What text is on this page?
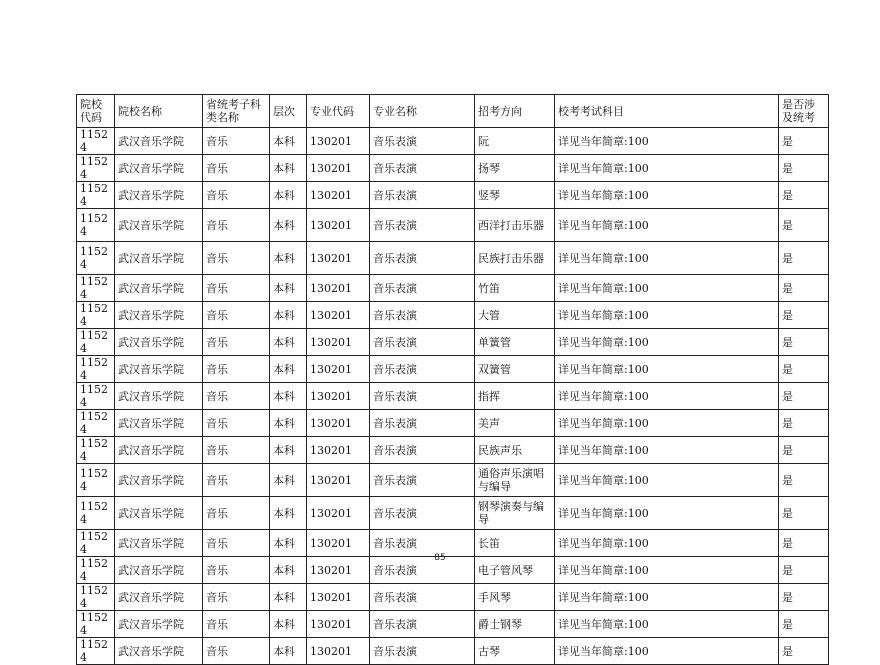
院校代码	院校名称	省统考子科类名称	层次	专业代码	专业名称	招考方向	校考考试科目	是否涉及统考
11524	武汉音乐学院	音乐	本科	130201	音乐表演	阮	详见当年简章:100	是
11524	武汉音乐学院	音乐	本科	130201	音乐表演	扬琴	详见当年简章:100	是
11524	武汉音乐学院	音乐	本科	130201	音乐表演	竖琴	详见当年简章:100	是
11524	武汉音乐学院	音乐	本科	130201	音乐表演	西洋打击乐器	详见当年简章:100	是
11524	武汉音乐学院	音乐	本科	130201	音乐表演	民族打击乐器	详见当年简章:100	是
11524	武汉音乐学院	音乐	本科	130201	音乐表演	竹笛	详见当年简章:100	是
11524	武汉音乐学院	音乐	本科	130201	音乐表演	大管	详见当年简章:100	是
11524	武汉音乐学院	音乐	本科	130201	音乐表演	单簧管	详见当年简章:100	是
11524	武汉音乐学院	音乐	本科	130201	音乐表演	双簧管	详见当年简章:100	是
11524	武汉音乐学院	音乐	本科	130201	音乐表演	指挥	详见当年简章:100	是
11524	武汉音乐学院	音乐	本科	130201	音乐表演	美声	详见当年简章:100	是
11524	武汉音乐学院	音乐	本科	130201	音乐表演	民族声乐	详见当年简章:100	是
11524	武汉音乐学院	音乐	本科	130201	音乐表演	通俗声乐演唱与编导	详见当年简章:100	是
11524	武汉音乐学院	音乐	本科	130201	音乐表演	钢琴演奏与编导	详见当年简章:100	是
11524	武汉音乐学院	音乐	本科	130201	音乐表演	长笛	详见当年简章:100	是
11524	武汉音乐学院	音乐	本科	130201	音乐表演	电子管风琴	详见当年简章:100	是
11524	武汉音乐学院	音乐	本科	130201	音乐表演	手风琴	详见当年简章:100	是
11524	武汉音乐学院	音乐	本科	130201	音乐表演	爵士钢琴	详见当年简章:100	是
11524	武汉音乐学院	音乐	本科	130201	音乐表演	古琴	详见当年简章:100	是
85
